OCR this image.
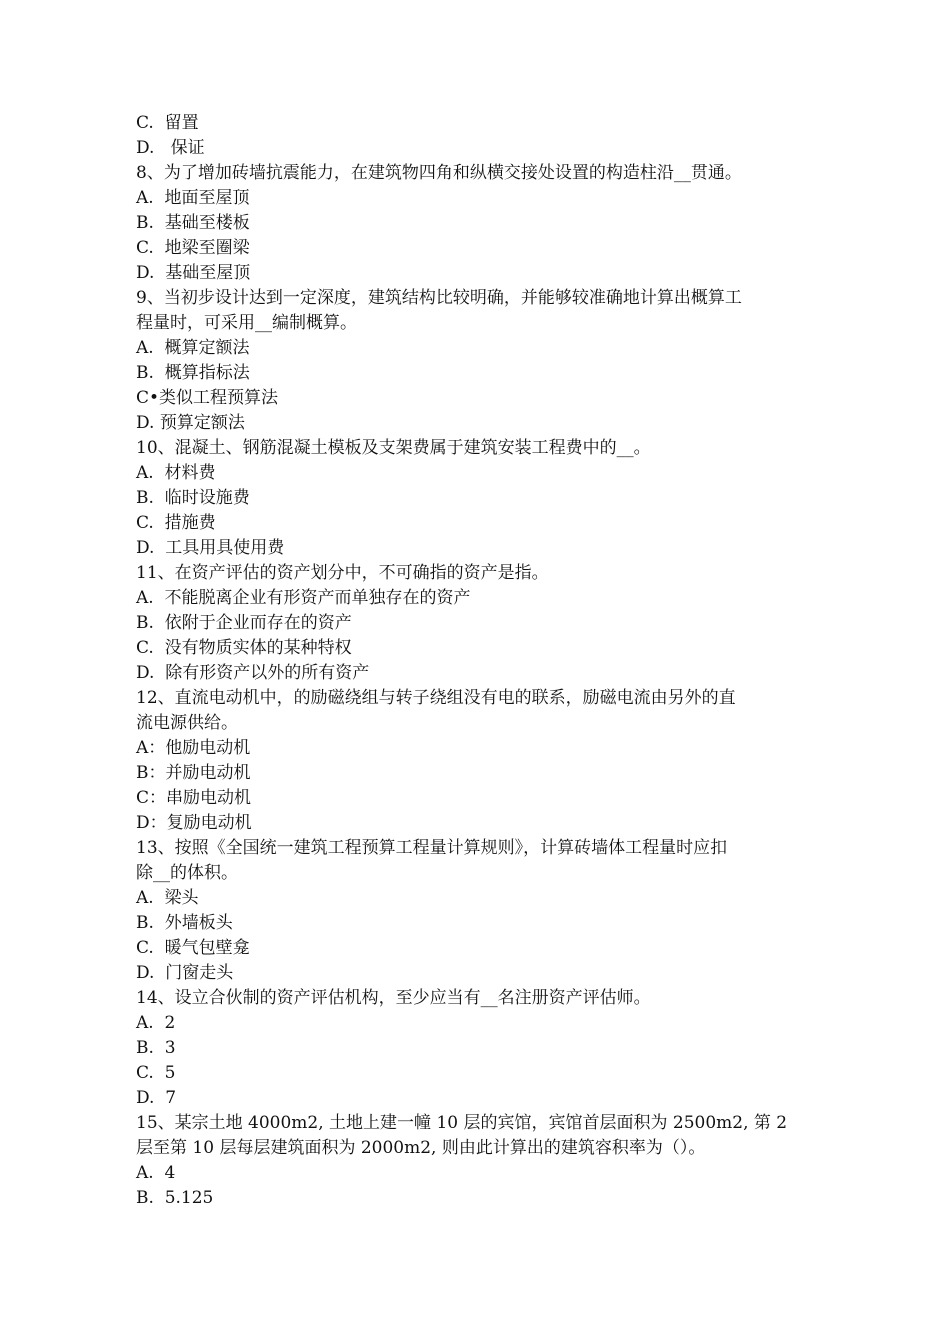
C.  留置
D.   保证
8、为了增加砖墙抗震能力，在建筑物四角和纵横交接处设置的构造柱沿__贯通。
A.  地面至屋顶
B.  基础至楼板
C.  地梁至圈梁
D.  基础至屋顶
9、当初步设计达到一定深度，建筑结构比较明确，并能够较准确地计算出概算工
程量时，可采用__编制概算。
A.  概算定额法
B.  概算指标法
C•类似工程预算法
D. 预算定额法
10、混凝土、钢筋混凝土模板及支架费属于建筑安装工程费中的__。
A.  材料费
B.  临时设施费
C.  措施费
D.  工具用具使用费
11、在资产评估的资产划分中，不可确指的资产是指。
A.  不能脱离企业有形资产而单独存在的资产
B.  依附于企业而存在的资产
C.  没有物质实体的某种特权
D.  除有形资产以外的所有资产
12、直流电动机中，的励磁绕组与转子绕组没有电的联系，励磁电流由另外的直
流电源供给。
A：他励电动机
B：并励电动机
C：串励电动机
D：复励电动机
13、按照《全国统一建筑工程预算工程量计算规则》，计算砖墙体工程量时应扣
除__的体积。
A.  梁头
B.  外墙板头
C.  暖气包壁龛
D.  门窗走头
14、设立合伙制的资产评估机构，至少应当有__名注册资产评估师。
A.  2
B.  3
C.  5
D.  7
15、某宗土地 4000m2, 土地上建一幢 10 层的宾馆，宾馆首层面积为 2500m2, 第 2
层至第 10 层每层建筑面积为 2000m2, 则由此计算出的建筑容积率为（）。
A.  4
B.  5.125
